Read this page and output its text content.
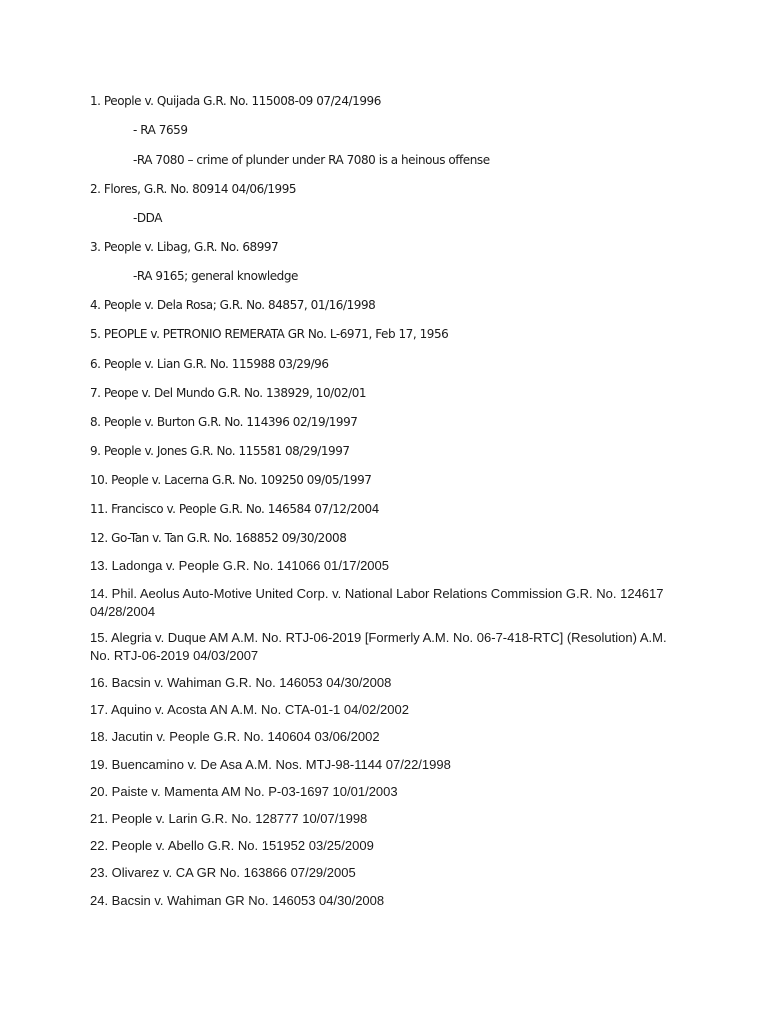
1. People v. Quijada G.R. No. 115008-09 07/24/1996
- RA 7659
-RA 7080 – crime of plunder under RA 7080 is a heinous offense
2. Flores, G.R. No. 80914 04/06/1995
-DDA
3. People v. Libag, G.R. No. 68997
-RA 9165; general knowledge
4. People v. Dela Rosa; G.R. No. 84857, 01/16/1998
5. PEOPLE v. PETRONIO REMERATA GR No. L-6971, Feb 17, 1956
6. People v. Lian G.R. No. 115988 03/29/96
7. Peope v. Del Mundo G.R. No. 138929, 10/02/01
8. People v. Burton G.R. No. 114396 02/19/1997
9. People v. Jones G.R. No. 115581 08/29/1997
10. People v. Lacerna G.R. No. 109250 09/05/1997
11. Francisco v. People G.R. No. 146584 07/12/2004
12. Go-Tan v. Tan G.R. No. 168852 09/30/2008
13. Ladonga v. People G.R. No. 141066 01/17/2005
14. Phil. Aeolus Auto-Motive United Corp. v. National Labor Relations Commission G.R. No. 124617 04/28/2004
15. Alegria v. Duque AM A.M. No. RTJ-06-2019 [Formerly A.M. No. 06-7-418-RTC] (Resolution) A.M. No. RTJ-06-2019 04/03/2007
16. Bacsin v. Wahiman G.R. No. 146053 04/30/2008
17. Aquino v. Acosta AN A.M. No. CTA-01-1 04/02/2002
18. Jacutin v. People G.R. No. 140604 03/06/2002
19. Buencamino v. De Asa A.M. Nos. MTJ-98-1144 07/22/1998
20. Paiste v. Mamenta AM No. P-03-1697 10/01/2003
21. People v. Larin G.R. No. 128777 10/07/1998
22. People v. Abello G.R. No. 151952 03/25/2009
23. Olivarez v. CA GR No. 163866 07/29/2005
24. Bacsin v. Wahiman GR No. 146053 04/30/2008
